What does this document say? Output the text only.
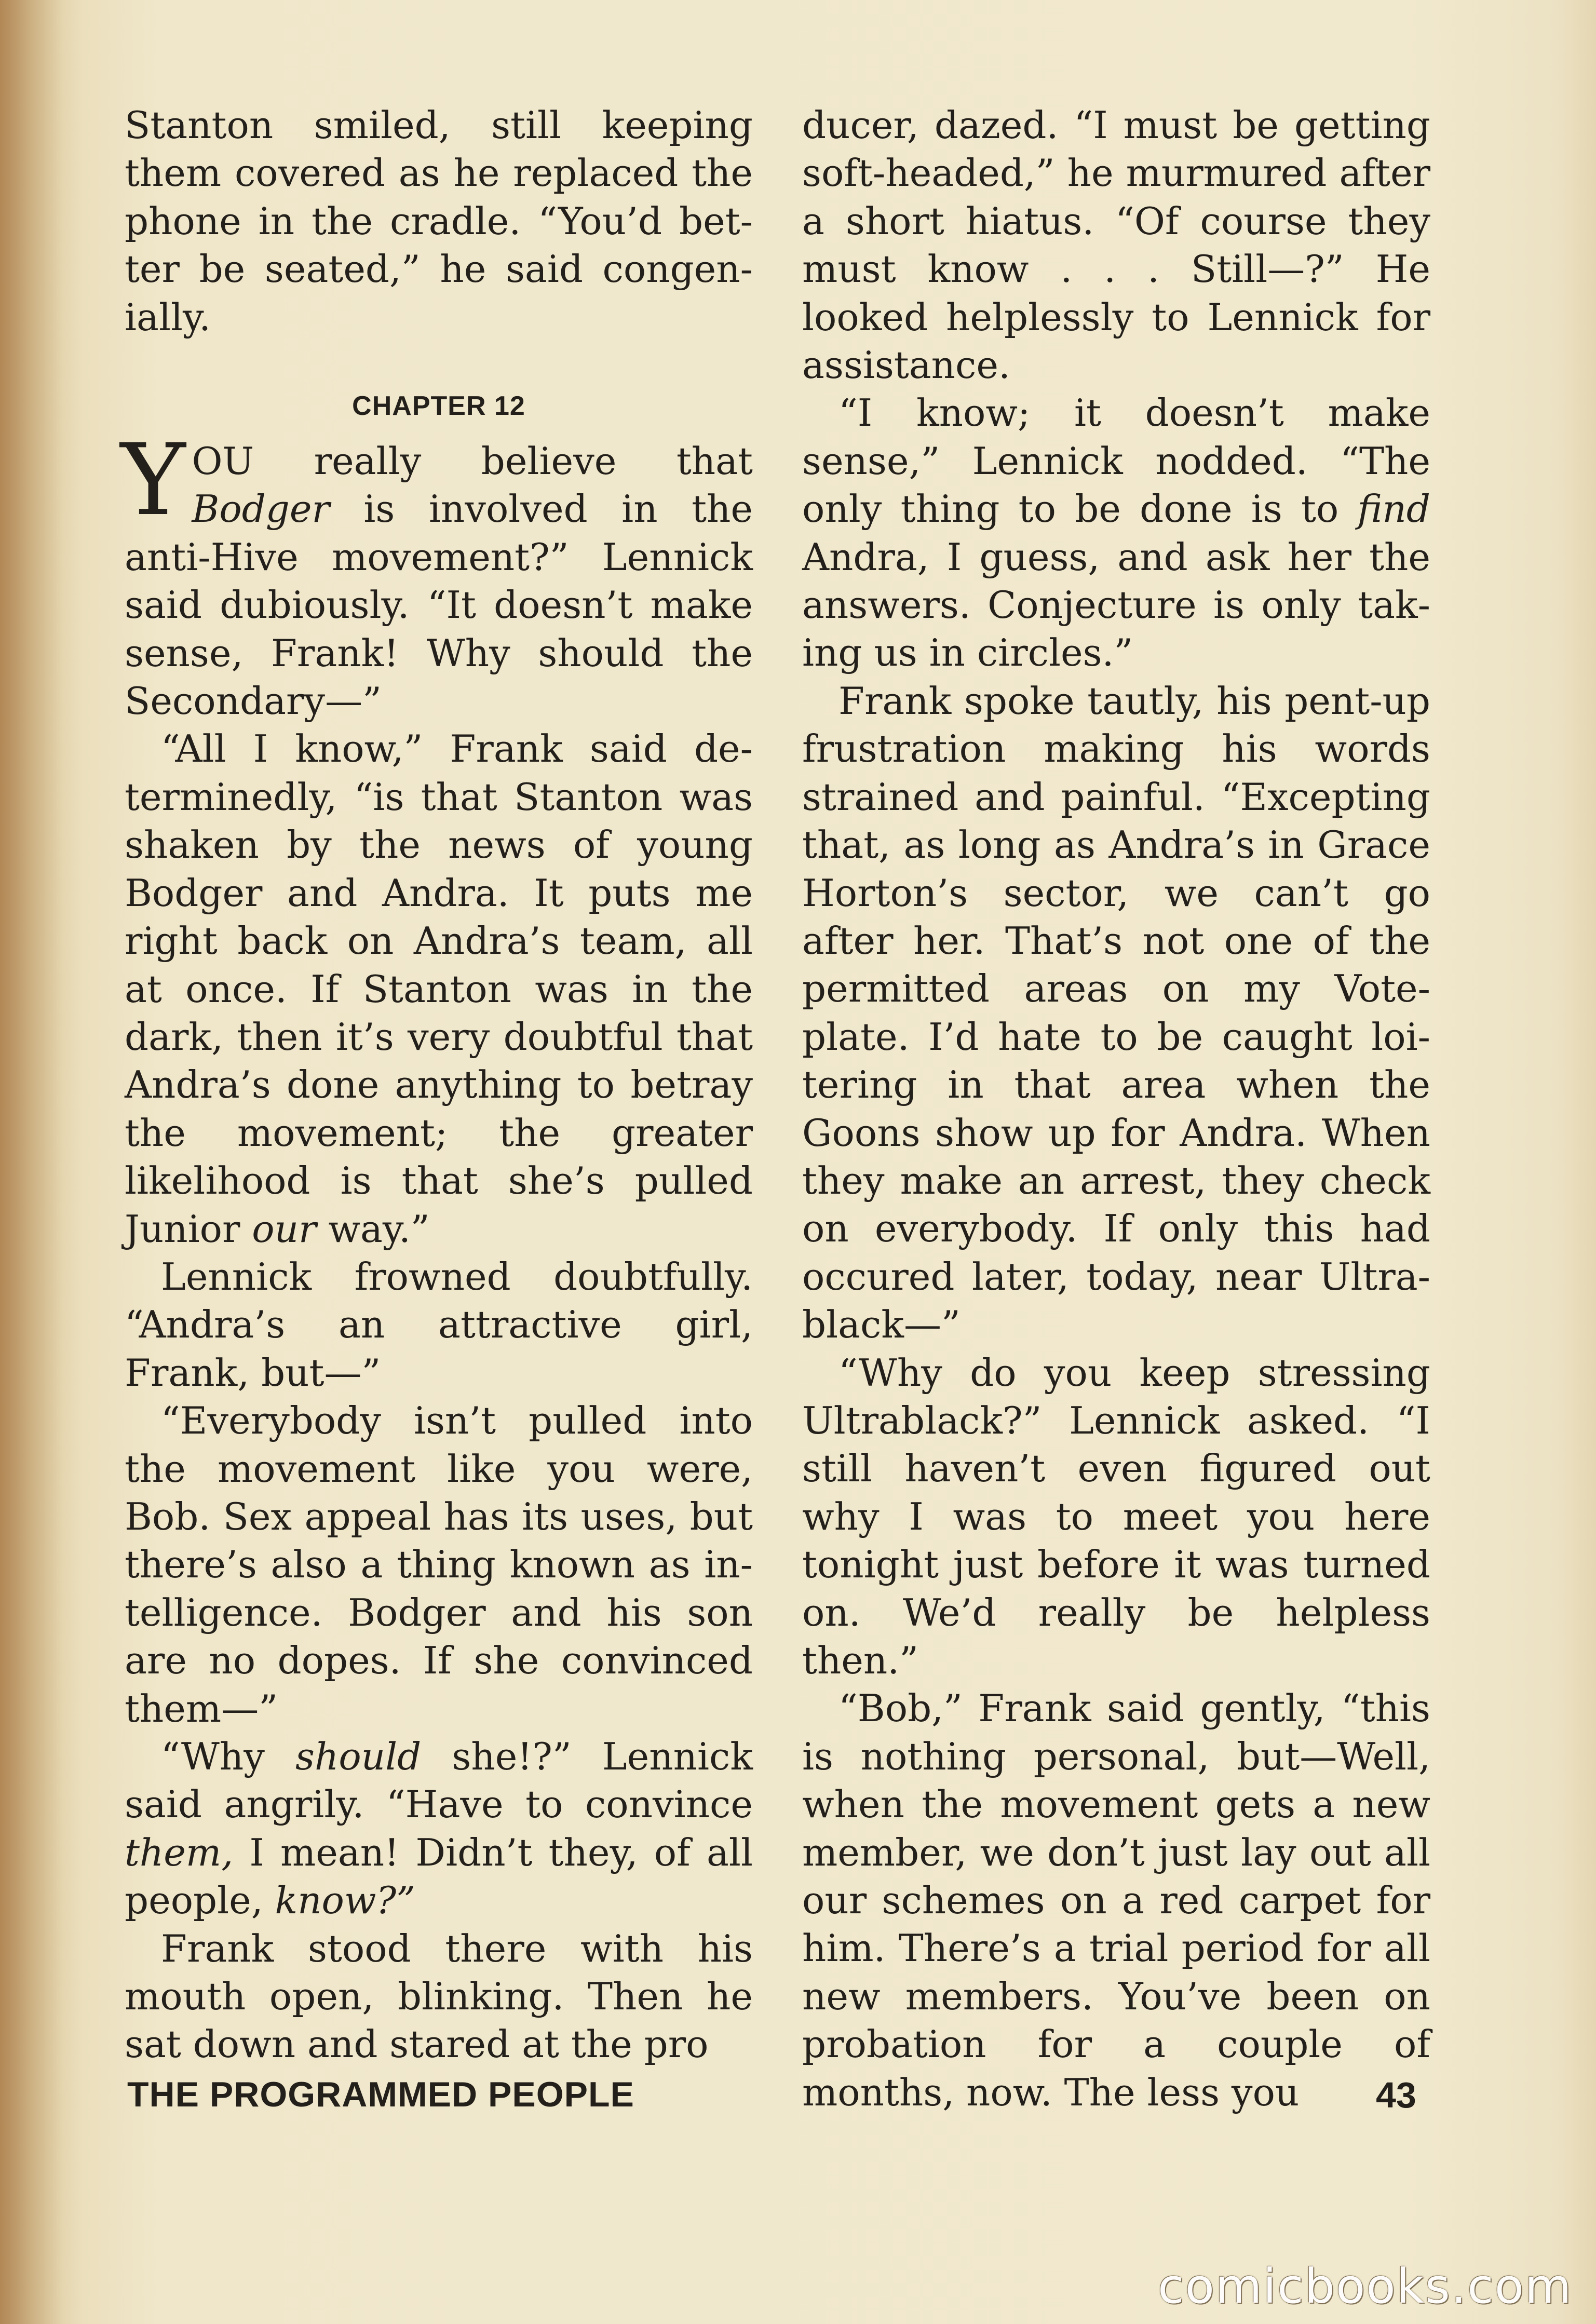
Stanton smiled, still keeping them covered as he replaced the phone in the cradle. “You’d better be seated,” he said congenially.

CHAPTER 12

YOU really believe that Bodger is involved in the anti-Hive movement?” Lennick said dubiously. “It doesn’t make sense, Frank! Why should the Secondary—”

“All I know,” Frank said determinedly, “is that Stanton was shaken by the news of young Bodger and Andra. It puts me right back on Andra’s team, all at once. If Stanton was in the dark, then it’s very doubtful that Andra’s done anything to betray the movement; the greater likelihood is that she’s pulled Junior our way.”

Lennick frowned doubtfully. “Andra’s an attractive girl, Frank, but—”

“Everybody isn’t pulled into the movement like you were, Bob. Sex appeal has its uses, but there’s also a thing known as intelligence. Bodger and his son are no dopes. If she convinced them—”

“Why should she!?” Lennick said angrily. “Have to convince them, I mean! Didn’t they, of all people, know?”

Frank stood there with his mouth open, blinking. Then he sat down and stared at the pro

ducer, dazed. “I must be getting soft-headed,” he murmured after a short hiatus. “Of course they must know . . . Still—?” He looked helplessly to Lennick for assistance.

“I know; it doesn’t make sense,” Lennick nodded. “The only thing to be done is to find Andra, I guess, and ask her the answers. Conjecture is only taking us in circles.”

Frank spoke tautly, his pent-up frustration making his words strained and painful. “Excepting that, as long as Andra’s in Grace Horton’s sector, we can’t go after her. That’s not one of the permitted areas on my Voteplate. I’d hate to be caught loitering in that area when the Goons show up for Andra. When they make an arrest, they check on everybody. If only this had occured later, today, near Ultrablack—”

“Why do you keep stressing Ultrablack?” Lennick asked. “I still haven’t even figured out why I was to meet you here tonight just before it was turned on. We’d really be helpless then.”

“Bob,” Frank said gently, “this is nothing personal, but—Well, when the movement gets a new member, we don’t just lay out all our schemes on a red carpet for him. There’s a trial period for all new members. You’ve been on probation for a couple of months, now. The less you

THE PROGRAMMED PEOPLE	43
comicbooks.com
